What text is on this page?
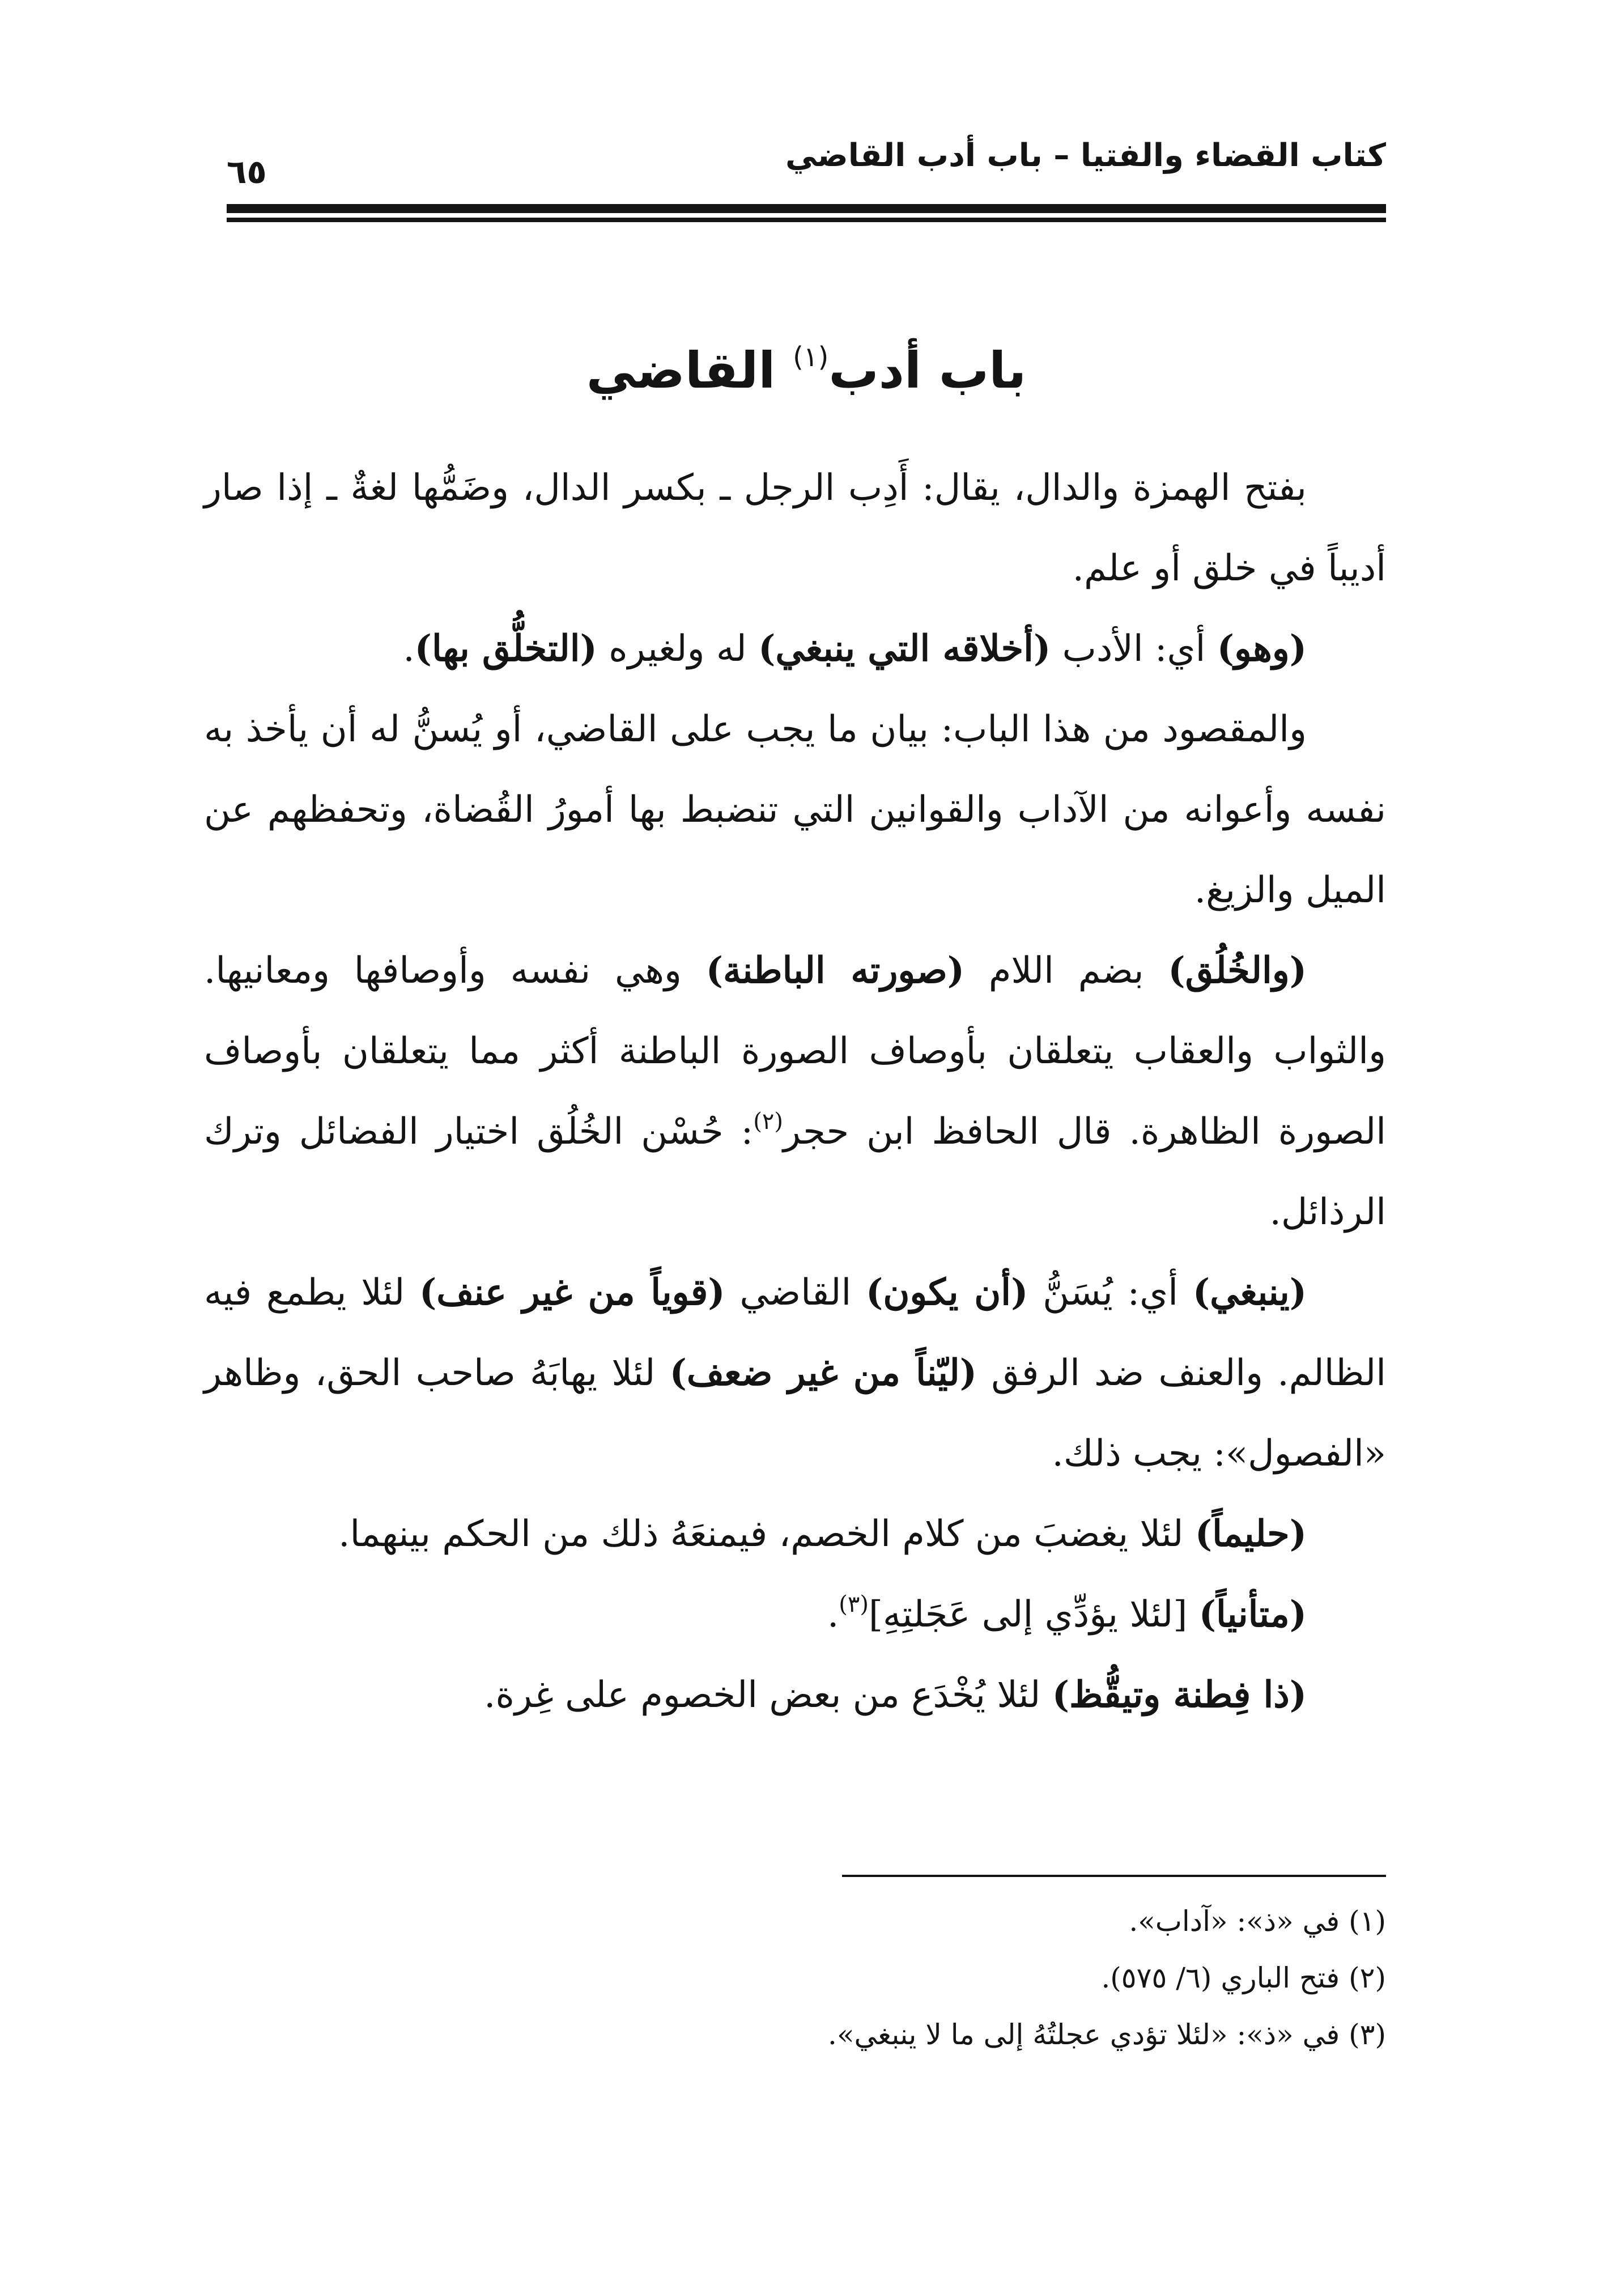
كتاب القضاء والفتيا – باب أدب القاضي
٦٥
باب أدب$^{(١)}$ القاضي

بفتح الهمزة والدال، يقال: أَدِب الرجل ـ بكسر الدال، وضَمُّها لغةٌ ـ إذا صار أديباً في خلق أو علم.

(وهو) أي: الأدب (أخلاقه التي ينبغي) له ولغيره (التخلُّق بها).

والمقصود من هذا الباب: بيان ما يجب على القاضي، أو يُسنُّ له أن يأخذ به نفسه وأعوانه من الآداب والقوانين التي تنضبط بها أمورُ القُضاة، وتحفظهم عن الميل والزيغ.

(والخُلُق) بضم اللام (صورته الباطنة) وهي نفسه وأوصافها ومعانيها. والثواب والعقاب يتعلقان بأوصاف الصورة الباطنة أكثر مما يتعلقان بأوصاف الصورة الظاهرة. قال الحافظ ابن حجر$^{(٢)}$: حُسْن الخُلُق اختيار الفضائل وترك الرذائل.

(ينبغي) أي: يُسَنُّ (أن يكون) القاضي (قوياً من غير عنف) لئلا يطمع فيه الظالم. والعنف ضد الرفق (ليّناً من غير ضعف) لئلا يهابَهُ صاحب الحق، وظاهر «الفصول»: يجب ذلك.

(حليماً) لئلا يغضبَ من كلام الخصم، فيمنعَهُ ذلك من الحكم بينهما.

(متأنياً) [لئلا يؤدِّي إلى عَجَلتِهِ]$^{(٣)}$.

(ذا فِطنة وتيقُّظ) لئلا يُخْدَع من بعض الخصوم على غِرة.

(١) في «ذ»: «آداب».
(٢) فتح الباري (٦/ ٥٧٥).
(٣) في «ذ»: «لئلا تؤدي عجلتُهُ إلى ما لا ينبغي».
